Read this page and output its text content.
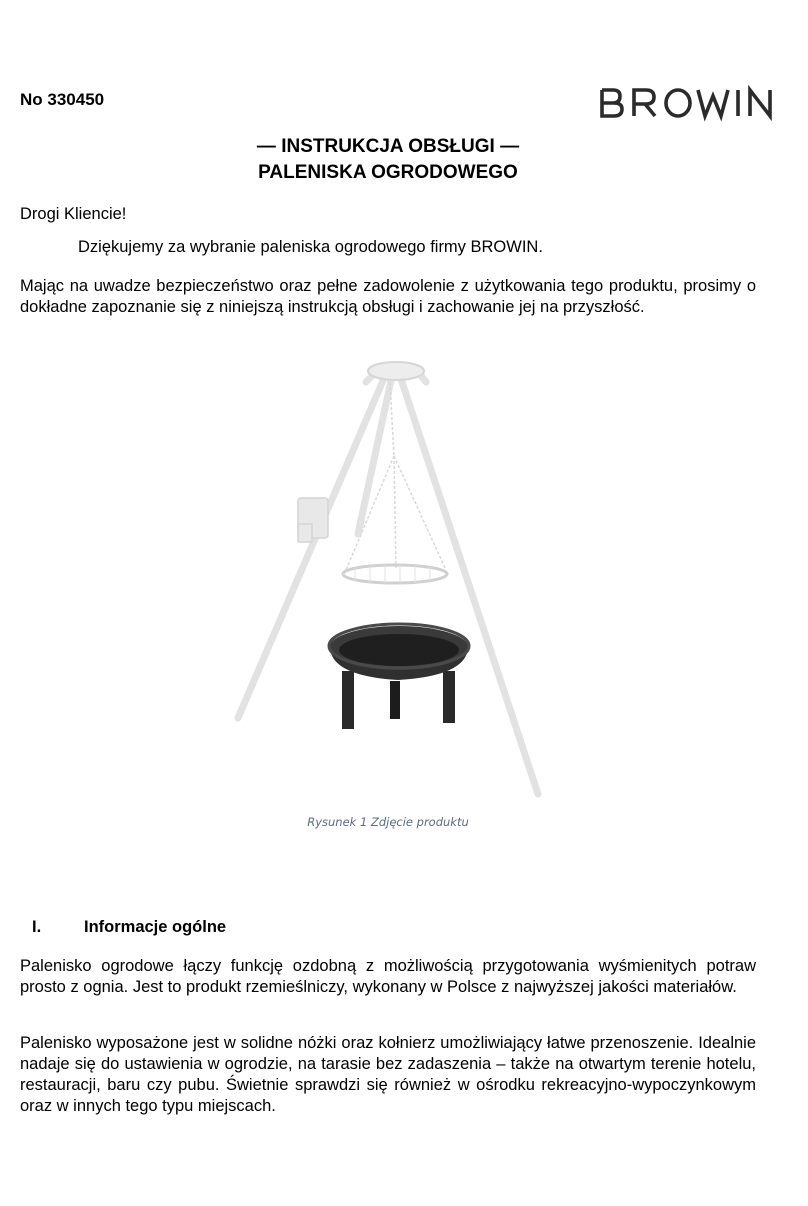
No 330450
— INSTRUKCJA OBSŁUGI —
PALENISKA OGRODOWEGO

Drogi Kliencie!

Dziękujemy za wybranie paleniska ogrodowego firmy BROWIN.

Mając na uwadze bezpieczeństwo oraz pełne zadowolenie z użytkowania tego produktu, prosimy o dokładne zapoznanie się z niniejszą instrukcją obsługi i zachowanie jej na przyszłość.

Rysunek 1 Zdjęcie produktu
I.	Informacje ogólne

Palenisko ogrodowe łączy funkcję ozdobną z możliwością przygotowania wyśmienitych potraw prosto z ognia. Jest to produkt rzemieślniczy, wykonany w Polsce z najwyższej jakości materiałów.

Palenisko wyposażone jest w solidne nóżki oraz kołnierz umożliwiający łatwe przenoszenie. Idealnie nadaje się do ustawienia w ogrodzie, na tarasie bez zadaszenia – także na otwartym terenie hotelu, restauracji, baru czy pubu. Świetnie sprawdzi się również w ośrodku rekreacyjno-wypoczynkowym oraz w innych tego typu miejscach.
